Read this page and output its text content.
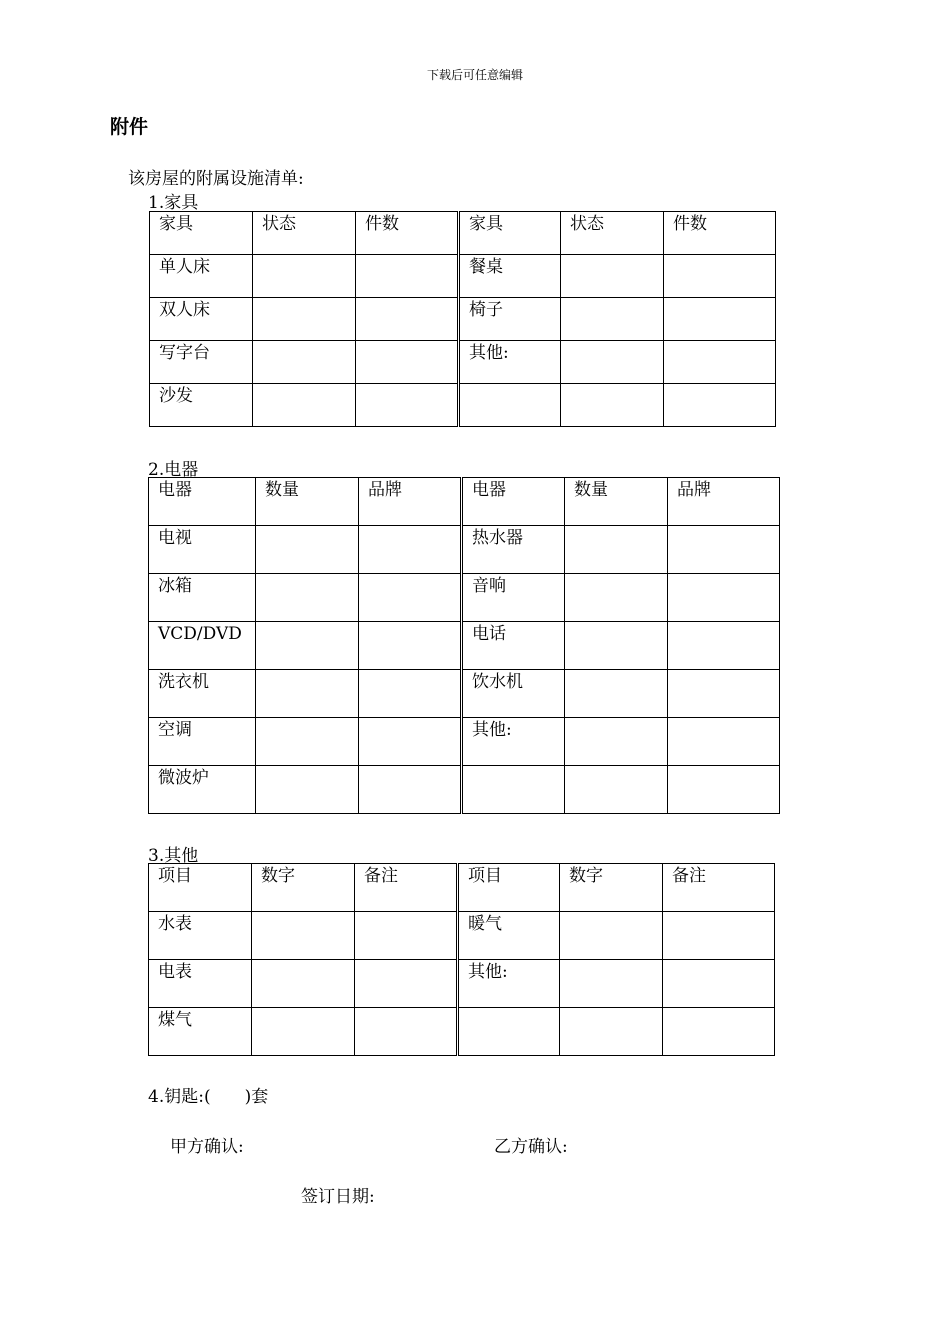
下载后可任意编辑
附件
该房屋的附属设施清单:
1.家具
家具	状态	件数	家具	状态	件数
单人床			餐桌		
双人床			椅子		
写字台			其他:		
沙发					
2.电器
电器	数量	品牌	电器	数量	品牌
电视			热水器		
冰箱			音响		
VCD/DVD			电话		
洗衣机			饮水机		
空调			其他:		
微波炉					
3.其他
项目	数字	备注	项目	数字	备注
水表			暖气		
电表			其他:		
煤气					
4.钥匙:(　　)套
甲方确认:	乙方确认:
签订日期:
